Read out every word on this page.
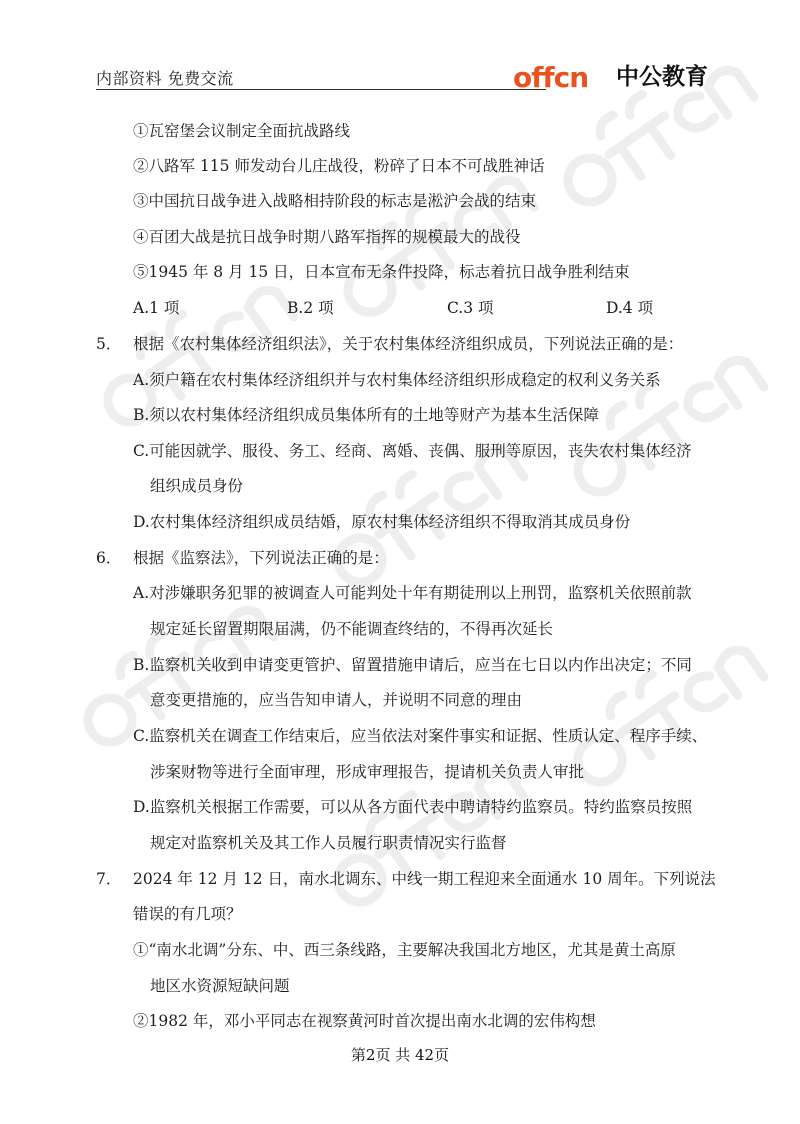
内部资料 免费交流	offcn 中公教育
①瓦窑堡会议制定全面抗战路线
②八路军 115 师发动台儿庄战役，粉碎了日本不可战胜神话
③中国抗日战争进入战略相持阶段的标志是淞沪会战的结束
④百团大战是抗日战争时期八路军指挥的规模最大的战役
⑤1945 年 8 月 15 日，日本宣布无条件投降，标志着抗日战争胜利结束
A.1 项	B.2 项	C.3 项	D.4 项
5． 根据《农村集体经济组织法》，关于农村集体经济组织成员，下列说法正确的是：
A.须户籍在农村集体经济组织并与农村集体经济组织形成稳定的权利义务关系
B.须以农村集体经济组织成员集体所有的土地等财产为基本生活保障
C.可能因就学、服役、务工、经商、离婚、丧偶、服刑等原因，丧失农村集体经济
组织成员身份
D.农村集体经济组织成员结婚，原农村集体经济组织不得取消其成员身份
6． 根据《监察法》，下列说法正确的是：
A.对涉嫌职务犯罪的被调查人可能判处十年有期徒刑以上刑罚，监察机关依照前款
规定延长留置期限届满，仍不能调查终结的，不得再次延长
B.监察机关收到申请变更管护、留置措施申请后，应当在七日以内作出决定；不同
意变更措施的，应当告知申请人，并说明不同意的理由
C.监察机关在调查工作结束后，应当依法对案件事实和证据、性质认定、程序手续、
涉案财物等进行全面审理，形成审理报告，提请机关负责人审批
D.监察机关根据工作需要，可以从各方面代表中聘请特约监察员。特约监察员按照
规定对监察机关及其工作人员履行职责情况实行监督
7． 2024 年 12 月 12 日，南水北调东、中线一期工程迎来全面通水 10 周年。下列说法
错误的有几项？
①“南水北调”分东、中、西三条线路，主要解决我国北方地区，尤其是黄土高原
地区水资源短缺问题
②1982 年，邓小平同志在视察黄河时首次提出南水北调的宏伟构想
第2页 共 42页
